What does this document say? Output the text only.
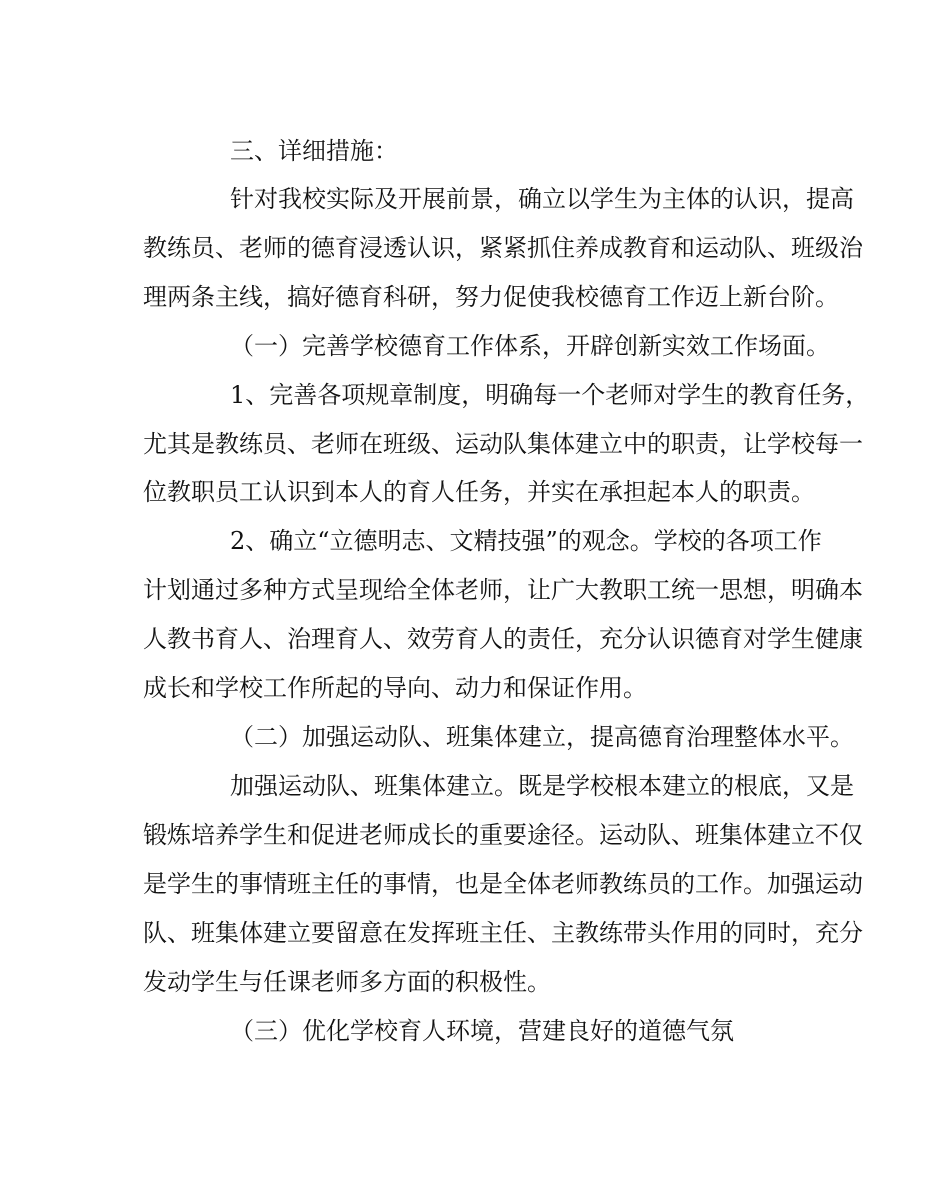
三、详细措施：
针对我校实际及开展前景，确立以学生为主体的认识，提高
教练员、老师的德育浸透认识，紧紧抓住养成教育和运动队、班级治
理两条主线，搞好德育科研，努力促使我校德育工作迈上新台阶。
（一）完善学校德育工作体系，开辟创新实效工作场面。
1、完善各项规章制度，明确每一个老师对学生的教育任务，
尤其是教练员、老师在班级、运动队集体建立中的职责，让学校每一
位教职员工认识到本人的育人任务，并实在承担起本人的职责。
2、确立“立德明志、文精技强”的观念。学校的各项工作
计划通过多种方式呈现给全体老师，让广大教职工统一思想，明确本
人教书育人、治理育人、效劳育人的责任，充分认识德育对学生健康
成长和学校工作所起的导向、动力和保证作用。
（二）加强运动队、班集体建立，提高德育治理整体水平。
加强运动队、班集体建立。既是学校根本建立的根底，又是
锻炼培养学生和促进老师成长的重要途径。运动队、班集体建立不仅
是学生的事情班主任的事情，也是全体老师教练员的工作。加强运动
队、班集体建立要留意在发挥班主任、主教练带头作用的同时，充分
发动学生与任课老师多方面的积极性。
（三）优化学校育人环境，营建良好的道德气氛
